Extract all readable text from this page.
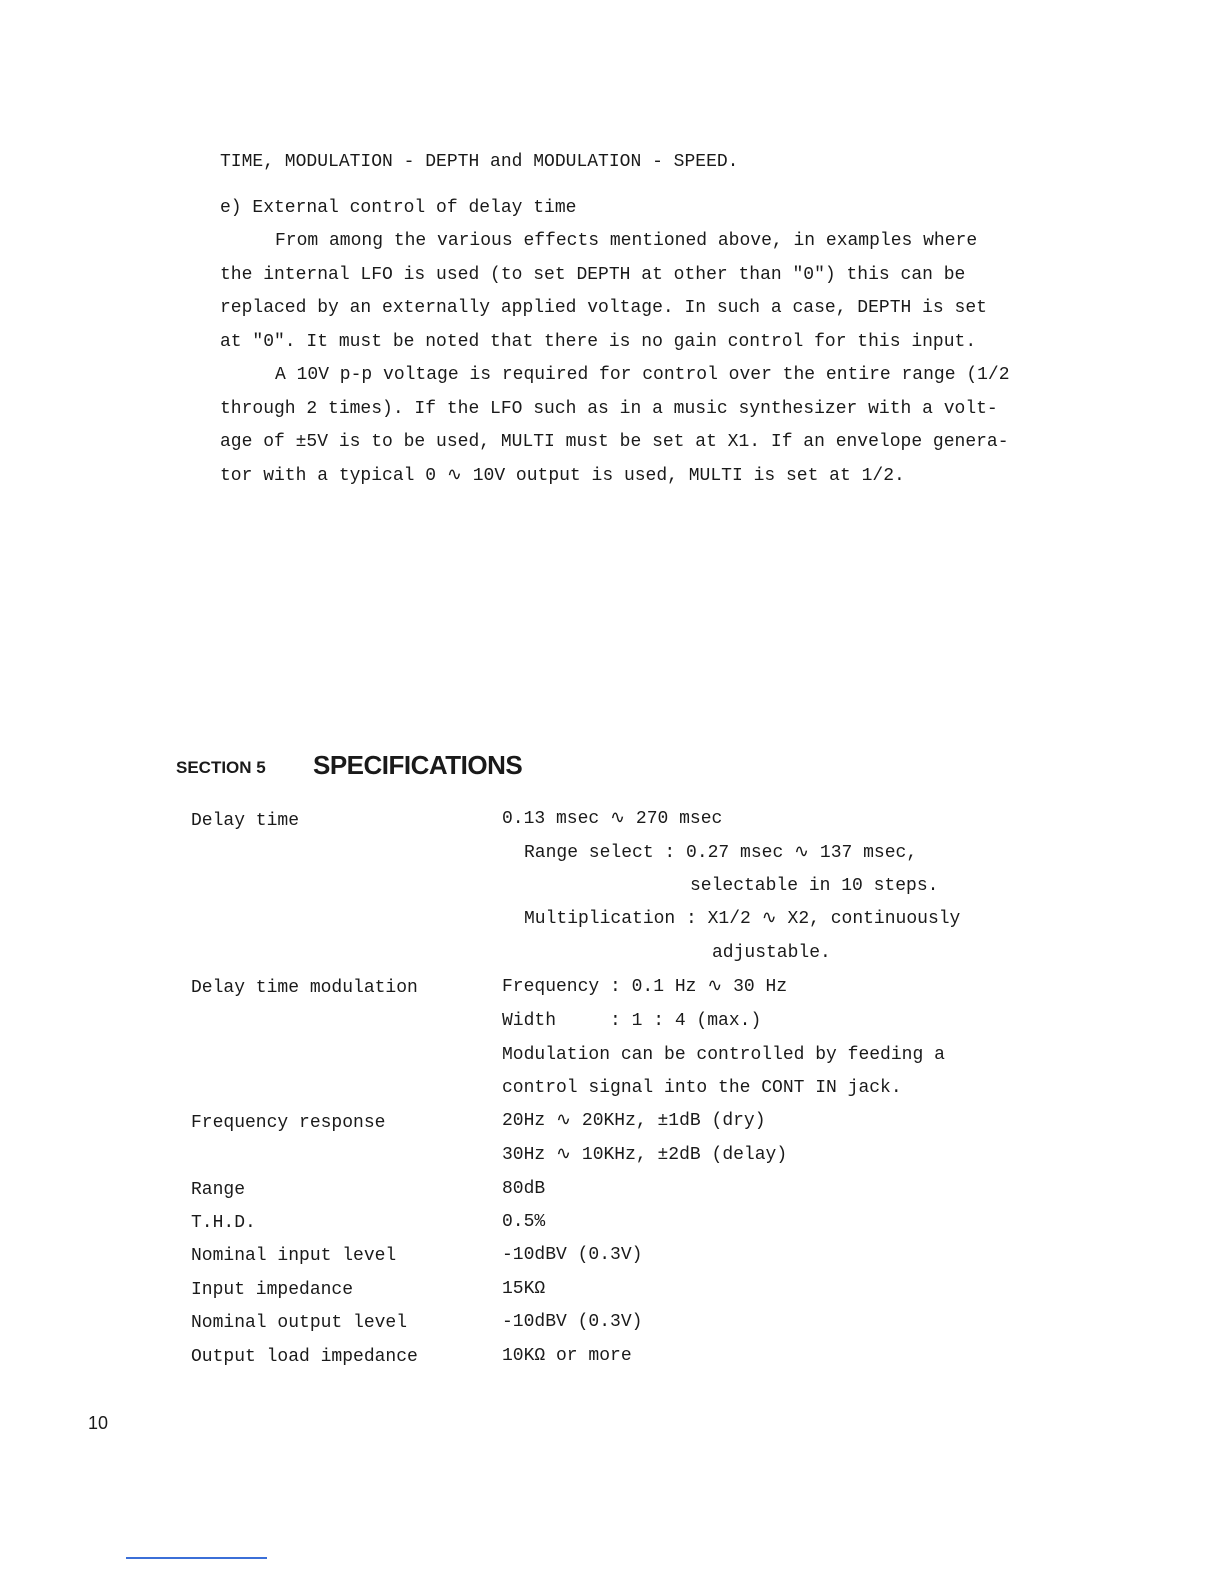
TIME, MODULATION - DEPTH and MODULATION - SPEED.
e) External control of delay time
From among the various effects mentioned above, in examples where
the internal LFO is used (to set DEPTH at other than "0") this can be
replaced by an externally applied voltage. In such a case, DEPTH is set
at "0". It must be noted that there is no gain control for this input.
A 10V p-p voltage is required for control over the entire range (1/2
through 2 times). If the LFO such as in a music synthesizer with a volt-
age of ±5V is to be used, MULTI must be set at X1. If an envelope genera-
tor with a typical 0 ∿ 10V output is used, MULTI is set at 1/2.
SECTION 5 SPECIFICATIONS
Delay time
Delay time modulation
Frequency response
Range
T.H.D.
Nominal input level
Input impedance
Nominal output level
Output load impedance
0.13 msec ∿ 270 msec
Range select : 0.27 msec ∿ 137 msec,
selectable in 10 steps.
Multiplication : X1/2 ∿ X2, continuously
adjustable.
Frequency : 0.1 Hz ∿ 30 Hz
Width     : 1 : 4 (max.)
Modulation can be controlled by feeding a
control signal into the CONT IN jack.
20Hz ∿ 20KHz, ±1dB (dry)
30Hz ∿ 10KHz, ±2dB (delay)
80dB
0.5%
-10dBV (0.3V)
15KΩ
-10dBV (0.3V)
10KΩ or more
10
